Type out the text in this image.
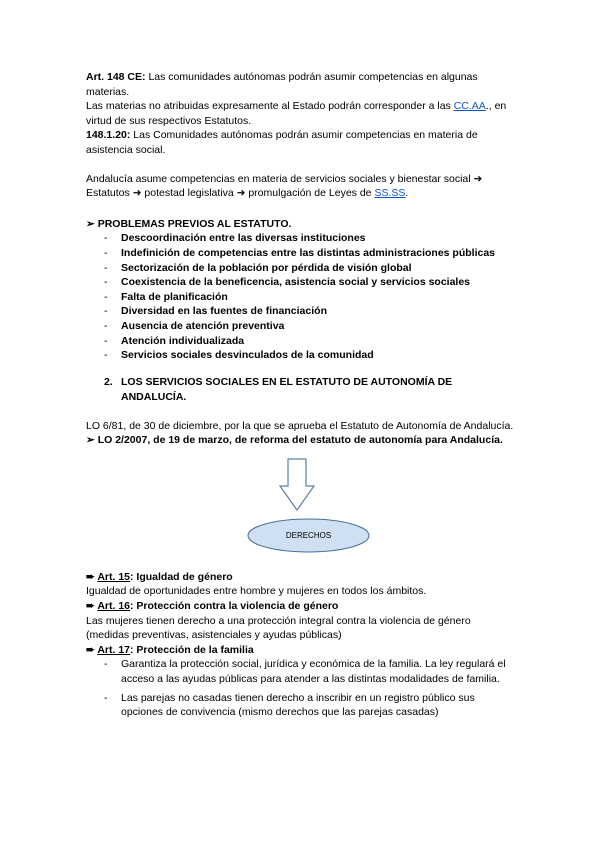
Art. 148 CE: Las comunidades autónomas podrán asumir competencias en algunas materias.

Las materias no atribuidas expresamente al Estado podrán corresponder a las CC.AA., en virtud de sus respectivos Estatutos.

148.1.20: Las Comunidades autónomas podrán asumir competencias en materia de asistencia social.

Andalucía asume competencias en materia de servicios sociales y bienestar social ➜ Estatutos ➜ potestad legislativa ➜ promulgación de Leyes de SS.SS.

➢ PROBLEMAS PREVIOS AL ESTATUTO.

- Descoordinación entre las diversas instituciones
- Indefinición de competencias entre las distintas administraciones públicas
- Sectorización de la población por pérdida de visión global
- Coexistencia de la beneficencia, asistencia social y servicios sociales
- Falta de planificación
- Diversidad en las fuentes de financiación
- Ausencia de atención preventiva
- Atención individualizada
- Servicios sociales desvinculados de la comunidad
2. LOS SERVICIOS SOCIALES EN EL ESTATUTO DE AUTONOMÍA DE ANDALUCÍA.

LO 6/81, de 30 de diciembre, por la que se aprueba el Estatuto de Autonomía de Andalucía.

➢ LO 2/2007, de 19 de marzo, de reforma del estatuto de autonomía para Andalucía.

DERECHOS

➨ Art. 15: Igualdad de género

Igualdad de oportunidades entre hombre y mujeres en todos los ámbitos.

➨ Art. 16: Protección contra la violencia de género

Las mujeres tienen derecho a una protección integral contra la violencia de género (medidas preventivas, asistenciales y ayudas públicas)

➨ Art. 17: Protección de la familia

- Garantiza la protección social, jurídica y económica de la familia. La ley regulará el acceso a las ayudas públicas para atender a las distintas modalidades de familia.
- Las parejas no casadas tienen derecho a inscribir en un registro público sus opciones de convivencia (mismo derechos que las parejas casadas)
